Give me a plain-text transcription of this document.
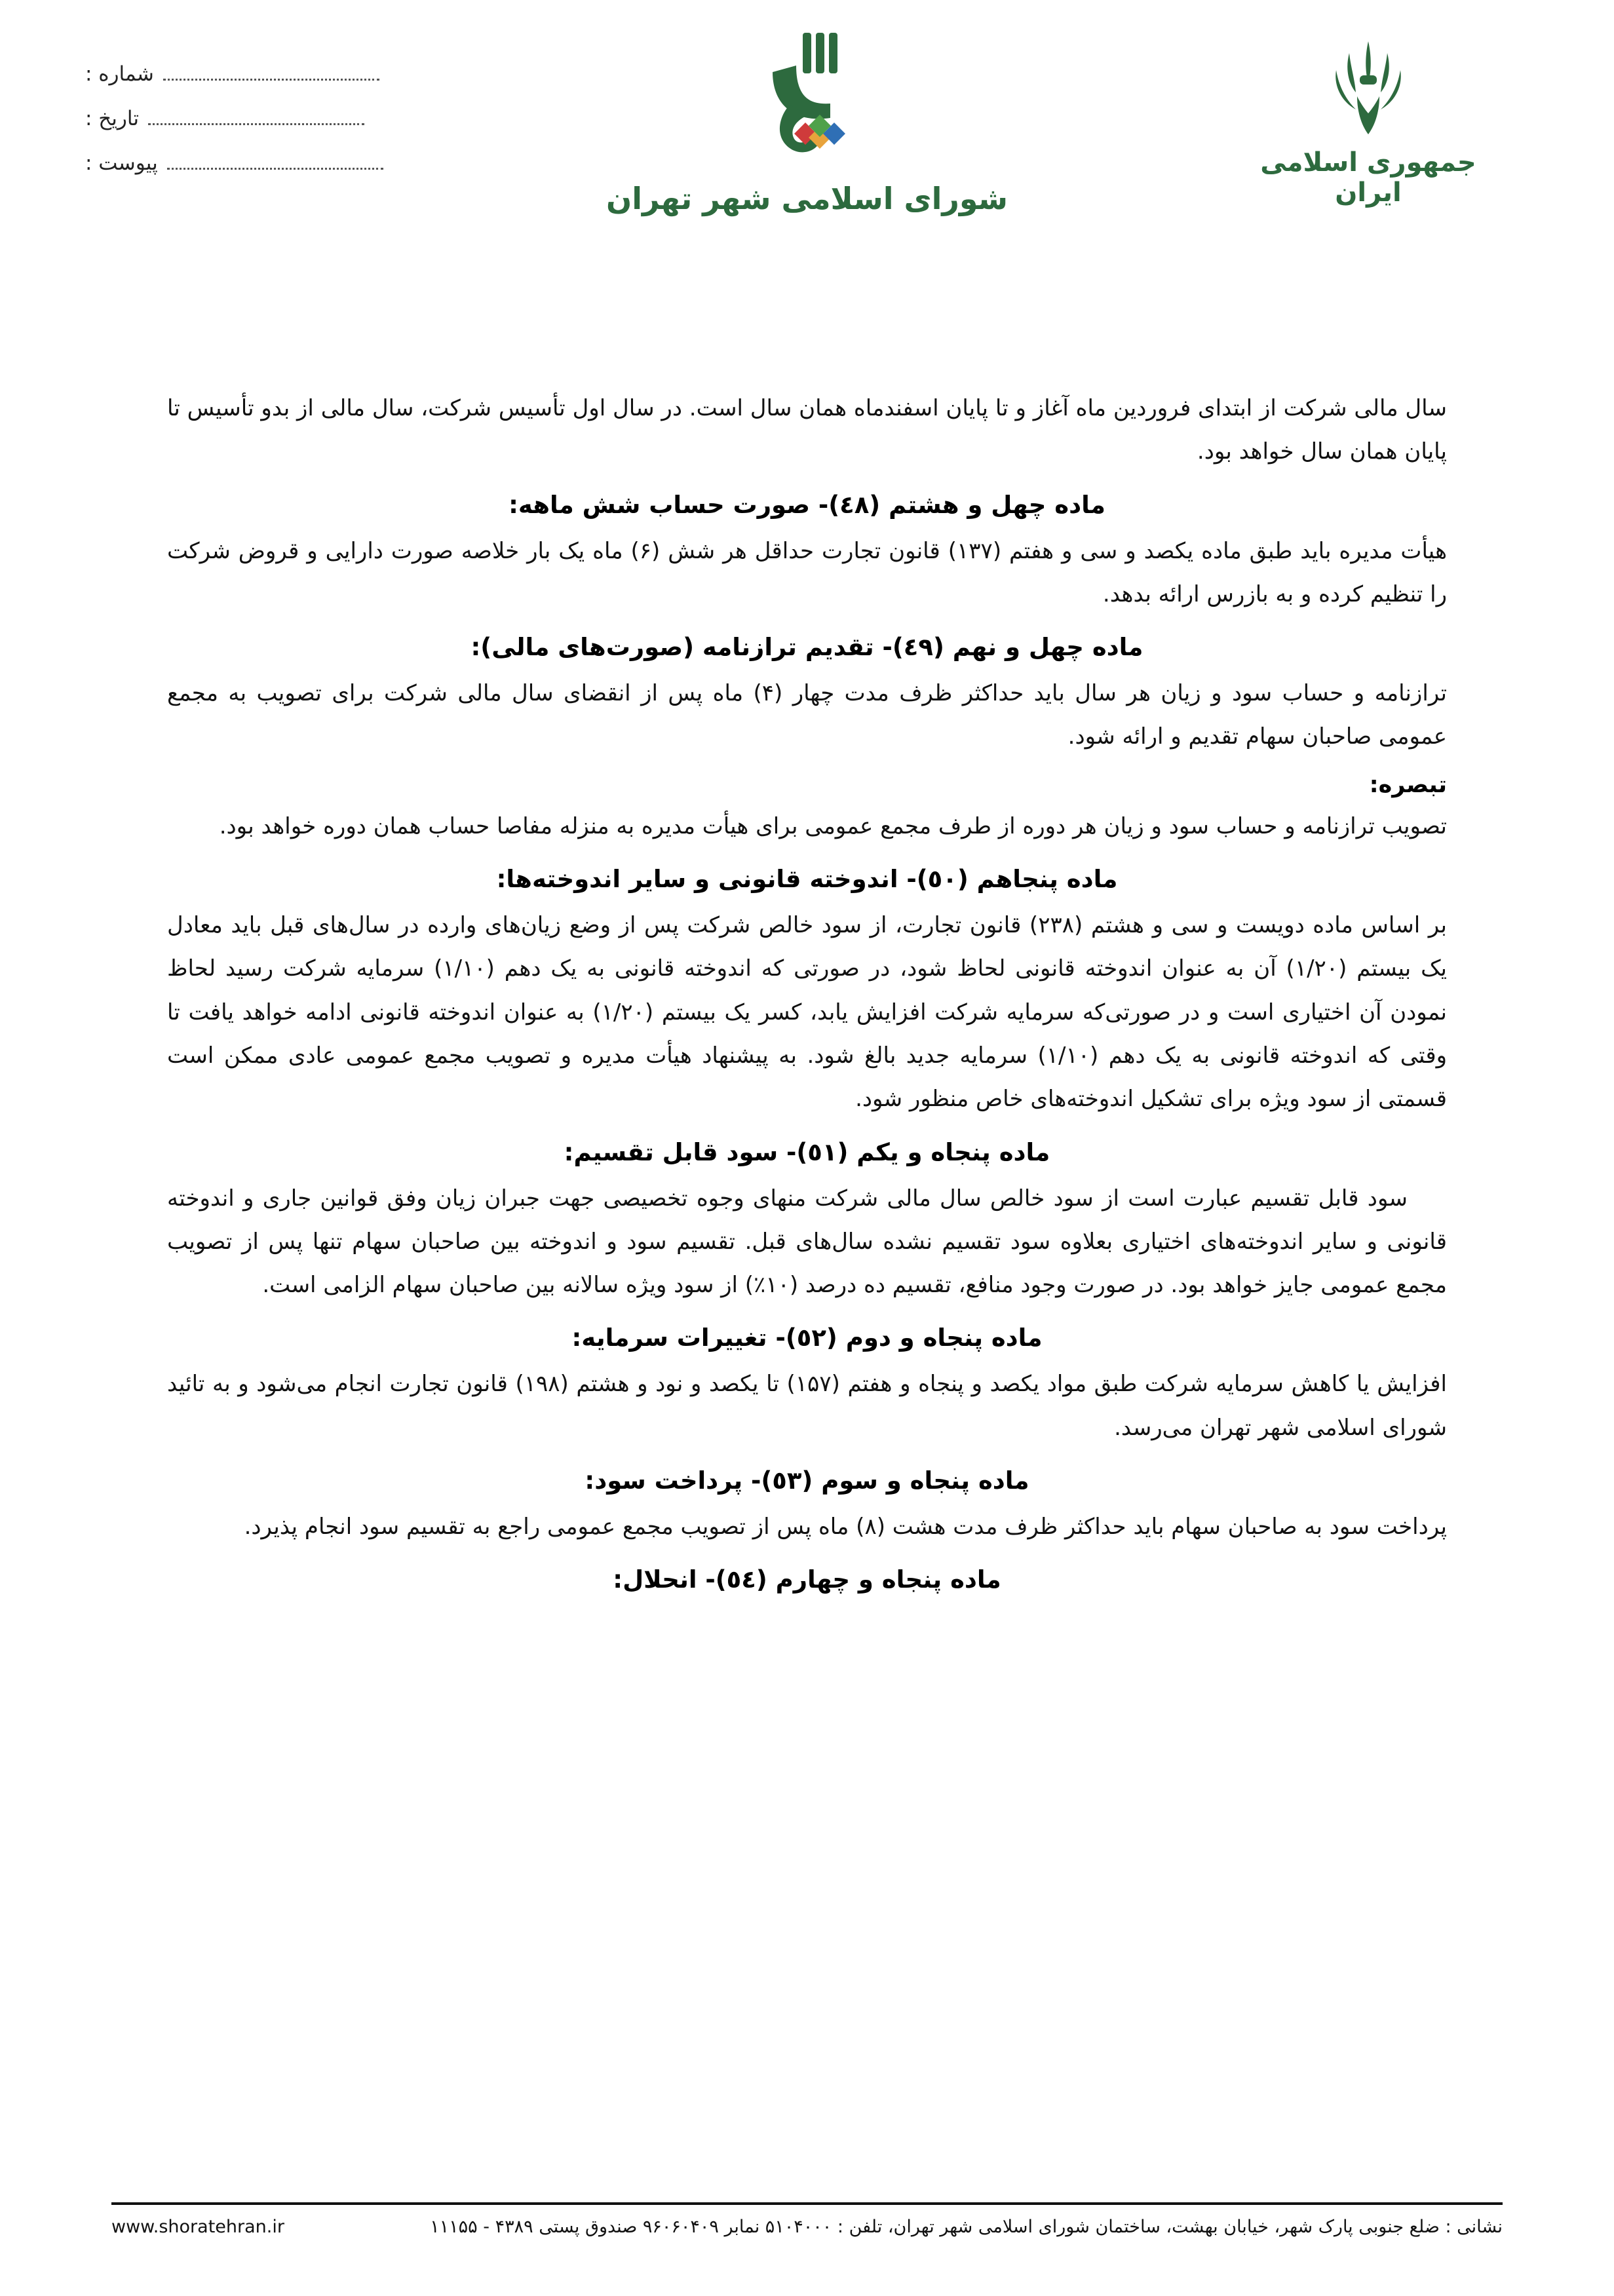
شماره :
تاریخ :
پیوست :
شورای اسلامی شهر تهران
جمهوری اسلامی ایران

سال مالی شرکت از ابتدای فروردین ماه آغاز و تا پایان اسفندماه همان سال است. در سال اول تأسیس شرکت، سال مالی از بدو تأسیس تا پایان همان سال خواهد بود.

ماده چهل و هشتم (٤٨)- صورت حساب شش ماهه:

هیأت مدیره باید طبق ماده یکصد و سی و هفتم (۱۳۷) قانون تجارت حداقل هر شش (۶) ماه یک بار خلاصه صورت دارایی و قروض شرکت را تنظیم کرده و به بازرس ارائه بدهد.

ماده چهل و نهم (٤٩)- تقدیم ترازنامه (صورت‌های مالی):

ترازنامه و حساب سود و زیان هر سال باید حداکثر ظرف مدت چهار (۴) ماه پس از انقضای سال مالی شرکت برای تصویب به مجمع عمومی صاحبان سهام تقدیم و ارائه شود.

تبصره:

تصویب ترازنامه و حساب سود و زیان هر دوره از طرف مجمع عمومی برای هیأت مدیره به منزله مفاصا حساب همان دوره خواهد بود.

ماده پنجاهم (٥٠)- اندوخته قانونی و سایر اندوخته‌ها:

بر اساس ماده دویست و سی و هشتم (۲۳۸) قانون تجارت، از سود خالص شرکت پس از وضع زیان‌های وارده در سال‌های قبل باید معادل یک بیستم (۱/۲۰) آن به عنوان اندوخته قانونی لحاظ شود، در صورتی که اندوخته قانونی به یک دهم (۱/۱۰) سرمایه شرکت رسید لحاظ نمودن آن اختیاری است و در صورتی‌که سرمایه شرکت افزایش یابد، کسر یک بیستم (۱/۲۰) به عنوان اندوخته قانونی ادامه خواهد یافت تا وقتی که اندوخته قانونی به یک دهم (۱/۱۰) سرمایه جدید بالغ شود. به پیشنهاد هیأت مدیره و تصویب مجمع عمومی عادی ممکن است قسمتی از سود ویژه برای تشکیل اندوخته‌های خاص منظور شود.

ماده پنجاه و یکم (٥١)- سود قابل تقسیم:

سود قابل تقسیم عبارت است از سود خالص سال مالی شرکت منهای وجوه تخصیصی جهت جبران زیان وفق قوانین جاری و اندوخته قانونی و سایر اندوخته‌های اختیاری بعلاوه سود تقسیم نشده سال‌های قبل. تقسیم سود و اندوخته بین صاحبان سهام تنها پس از تصویب مجمع عمومی جایز خواهد بود. در صورت وجود منافع، تقسیم ده درصد (۱۰٪) از سود ویژه سالانه بین صاحبان سهام الزامی است.

ماده پنجاه و دوم (٥٢)- تغییرات سرمایه:

افزایش یا کاهش سرمایه شرکت طبق مواد یکصد و پنجاه و هفتم (۱۵۷) تا یکصد و نود و هشتم (۱۹۸) قانون تجارت انجام می‌شود و به تائید شورای اسلامی شهر تهران می‌رسد.

ماده پنجاه و سوم (٥٣)- پرداخت سود:

پرداخت سود به صاحبان سهام باید حداکثر ظرف مدت هشت (۸) ماه پس از تصویب مجمع عمومی راجع به تقسیم سود انجام پذیرد.

ماده پنجاه و چهارم (٥٤)- انحلال:
نشانی : ضلع جنوبی پارک شهر، خیابان بهشت، ساختمان شورای اسلامی شهر تهران، تلفن : ۵۱۰۴۰۰۰ نمابر ۹۶۰۶۰۴۰۹ صندوق پستی ۴۳۸۹ - ۱۱۱۵۵
www.shoratehran.ir
